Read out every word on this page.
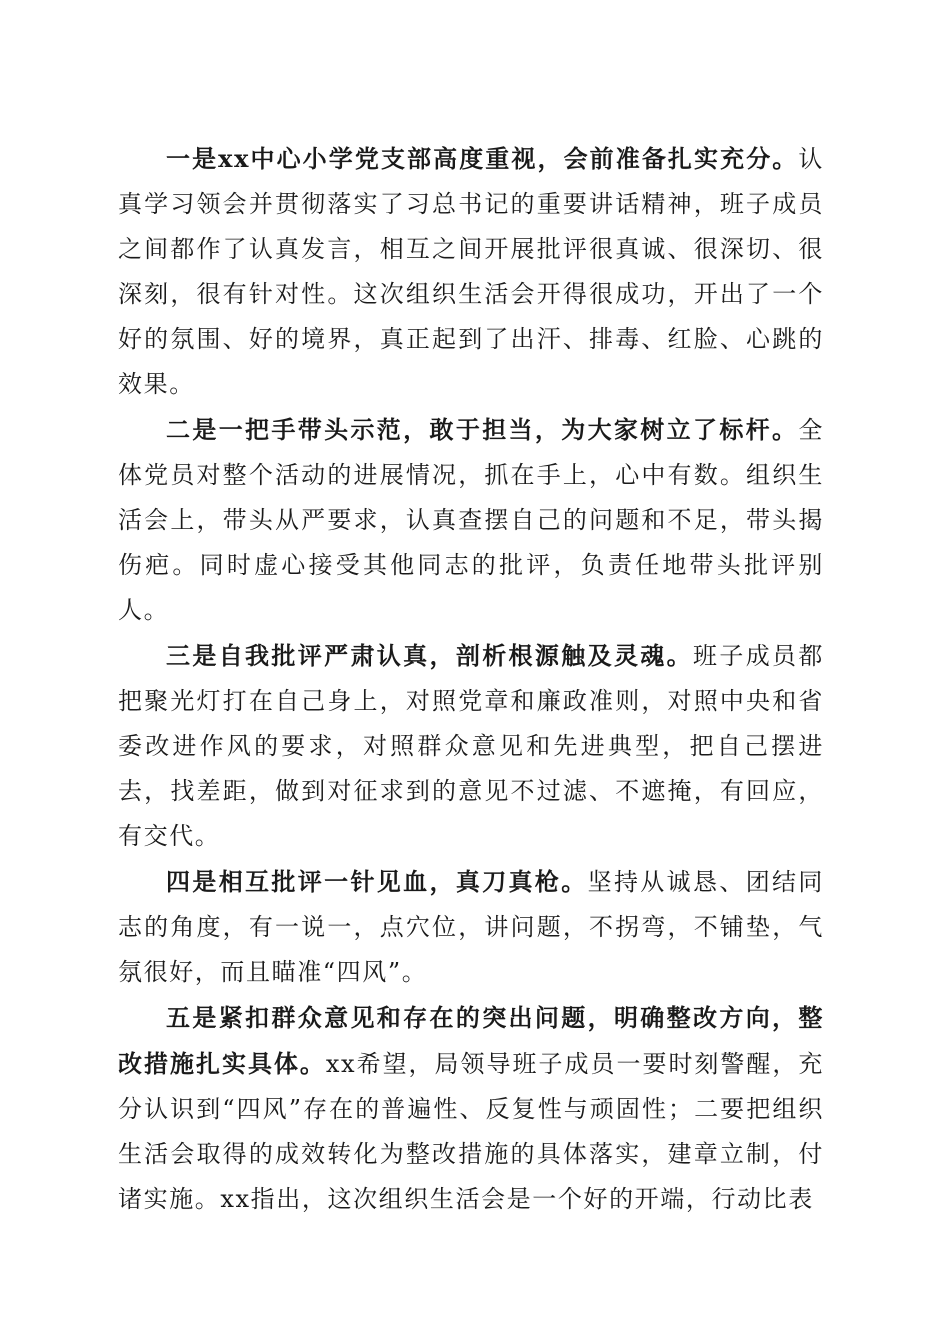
一是xx中心小学党支部高度重视，会前准备扎实充分。认真学习领会并贯彻落实了习总书记的重要讲话精神，班子成员之间都作了认真发言，相互之间开展批评很真诚、很深切、很深刻，很有针对性。这次组织生活会开得很成功，开出了一个好的氛围、好的境界，真正起到了出汗、排毒、红脸、心跳的效果。

二是一把手带头示范，敢于担当，为大家树立了标杆。全体党员对整个活动的进展情况，抓在手上，心中有数。组织生活会上，带头从严要求，认真查摆自己的问题和不足，带头揭伤疤。同时虚心接受其他同志的批评，负责任地带头批评别人。

三是自我批评严肃认真，剖析根源触及灵魂。班子成员都把聚光灯打在自己身上，对照党章和廉政准则，对照中央和省委改进作风的要求，对照群众意见和先进典型，把自己摆进去，找差距，做到对征求到的意见不过滤、不遮掩，有回应，有交代。

四是相互批评一针见血，真刀真枪。坚持从诚恳、团结同志的角度，有一说一，点穴位，讲问题，不拐弯，不铺垫，气氛很好，而且瞄准“四风”。

五是紧扣群众意见和存在的突出问题，明确整改方向，整改措施扎实具体。xx希望，局领导班子成员一要时刻警醒，充分认识到“四风”存在的普遍性、反复性与顽固性；二要把组织生活会取得的成效转化为整改措施的具体落实，建章立制，付诸实施。xx指出，这次组织生活会是一个好的开端，行动比表
